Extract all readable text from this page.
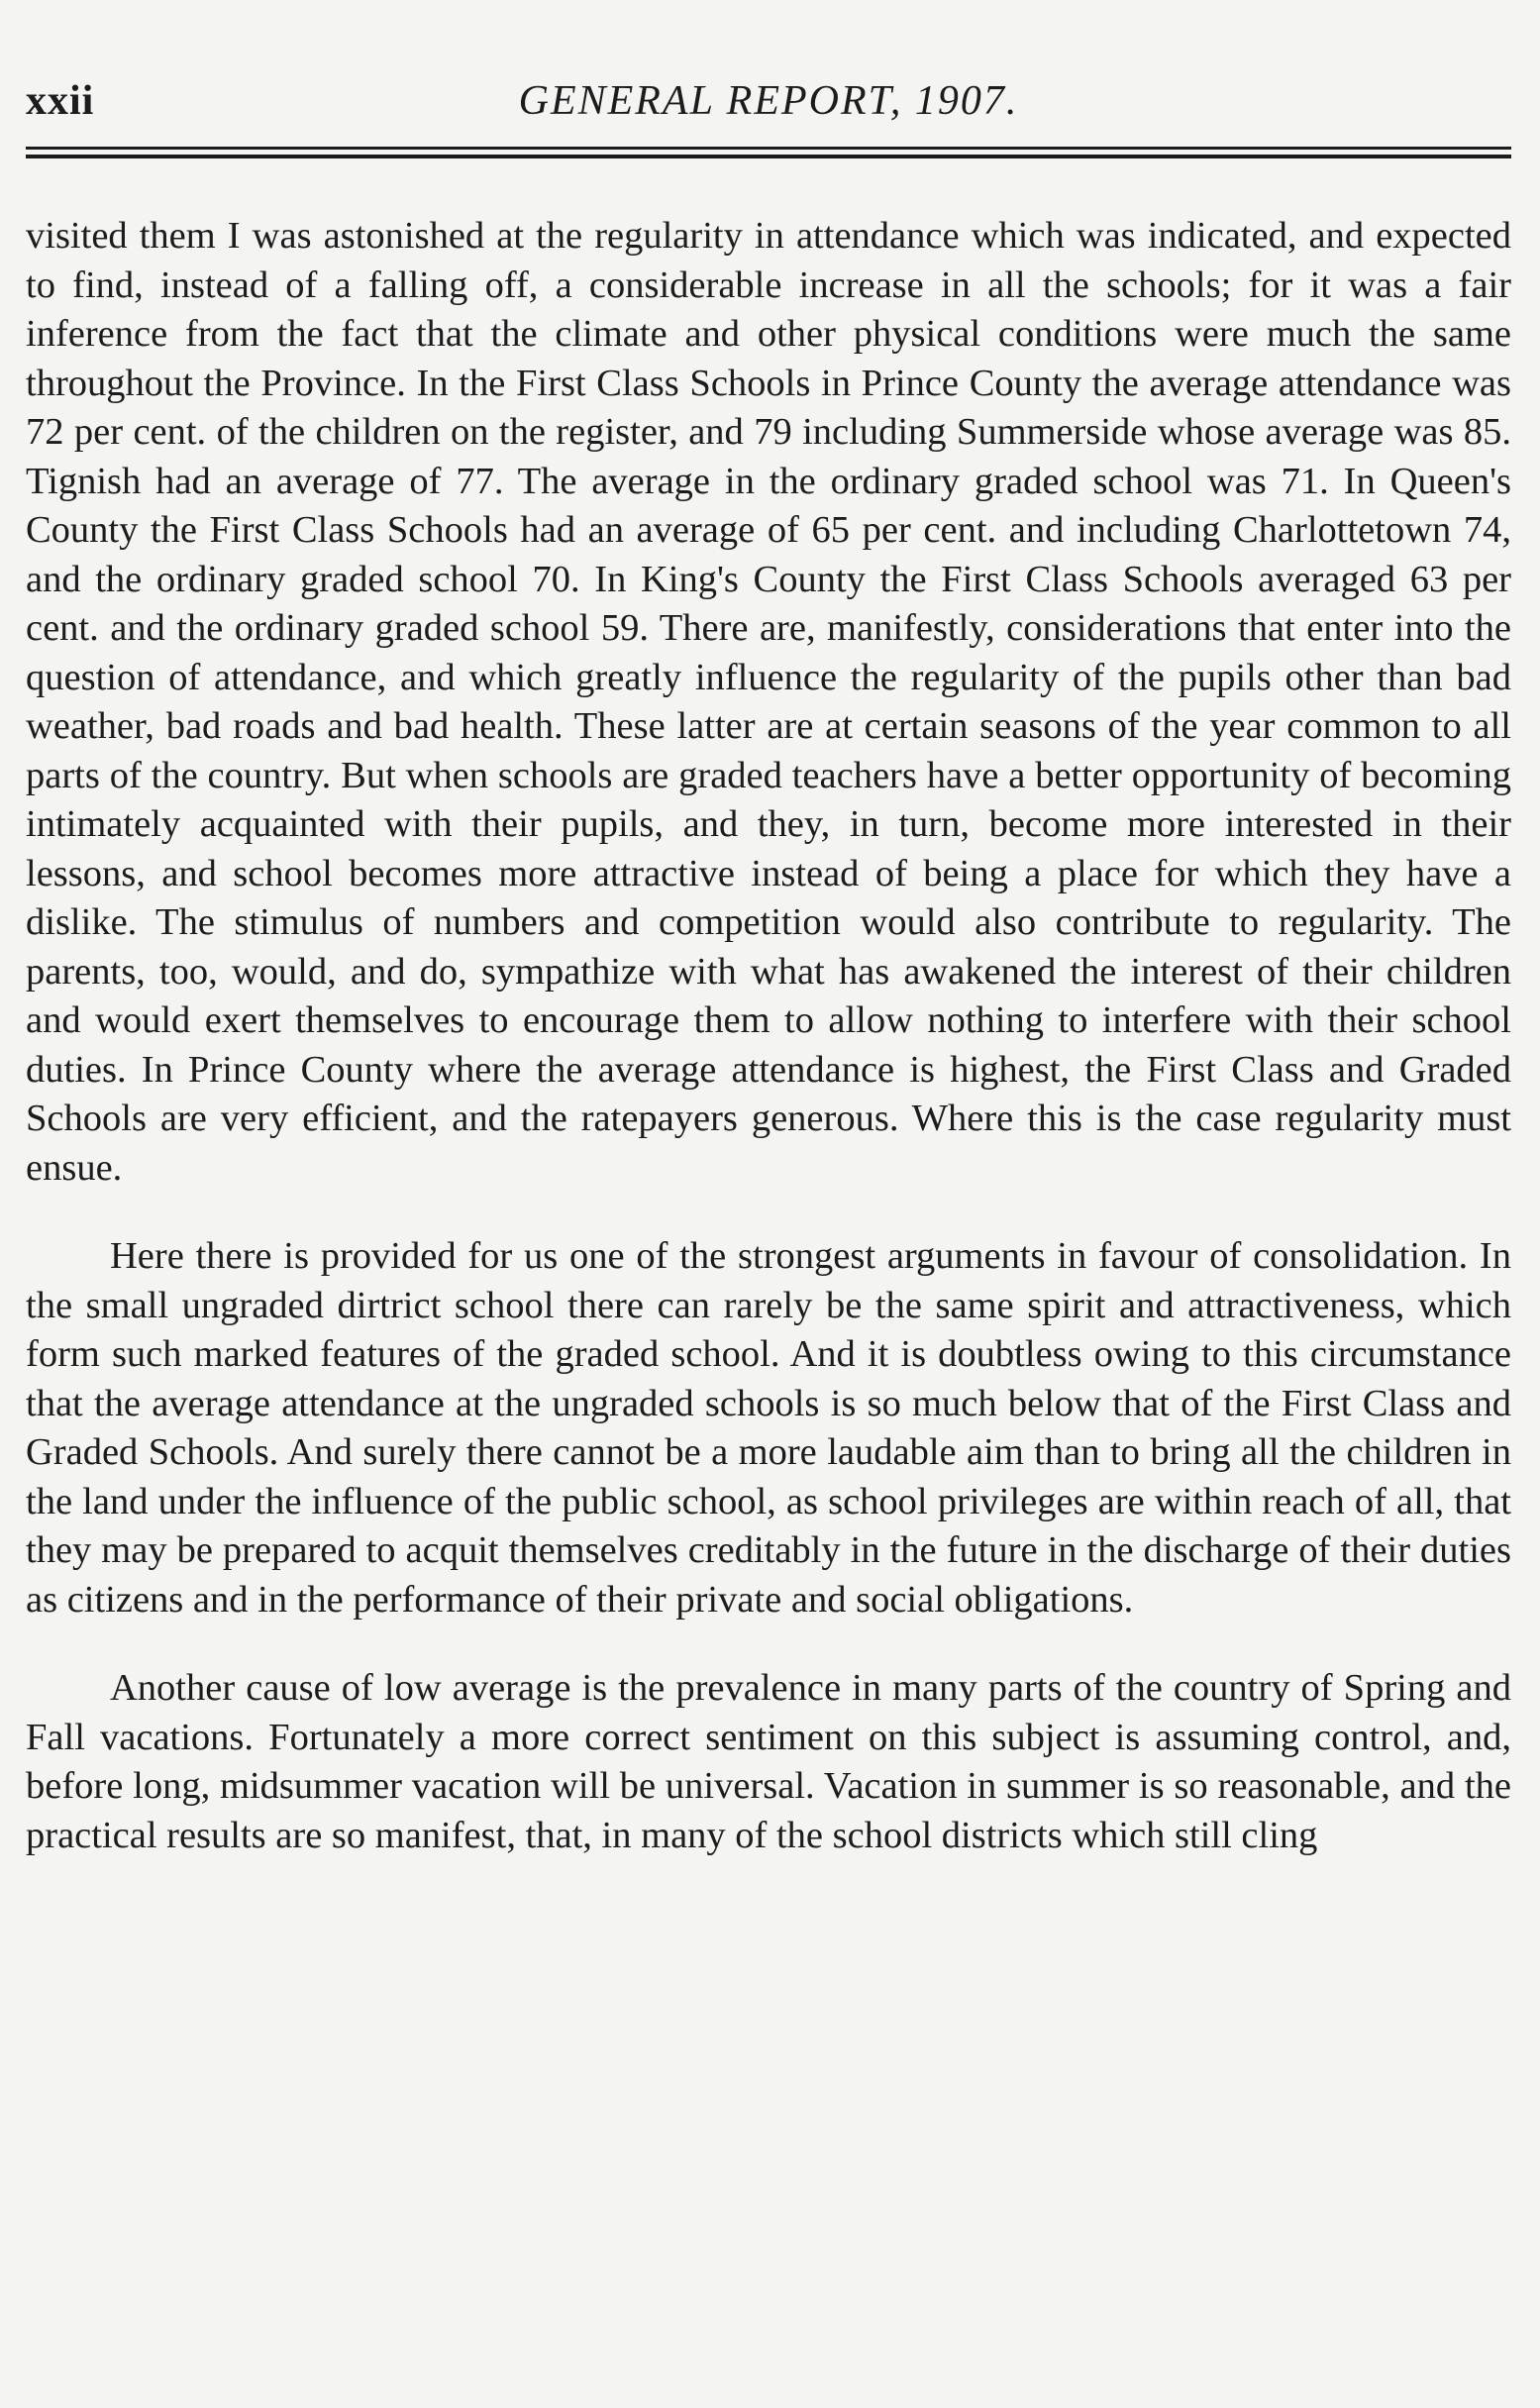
xxii	GENERAL REPORT, 1907.

visited them I was astonished at the regularity in attendance which was indicated, and expected to find, instead of a falling off, a considerable increase in all the schools; for it was a fair inference from the fact that the climate and other physical conditions were much the same throughout the Province. In the First Class Schools in Prince County the average attendance was 72 per cent. of the children on the register, and 79 including Summerside whose average was 85. Tignish had an average of 77. The average in the ordinary graded school was 71. In Queen's County the First Class Schools had an average of 65 per cent. and including Charlottetown 74, and the ordinary graded school 70. In King's County the First Class Schools averaged 63 per cent. and the ordinary graded school 59. There are, manifestly, considerations that enter into the question of attendance, and which greatly influence the regularity of the pupils other than bad weather, bad roads and bad health. These latter are at certain seasons of the year common to all parts of the country. But when schools are graded teachers have a better opportunity of becoming intimately acquainted with their pupils, and they, in turn, become more interested in their lessons, and school becomes more attractive instead of being a place for which they have a dislike. The stimulus of numbers and competition would also contribute to regularity. The parents, too, would, and do, sympathize with what has awakened the interest of their children and would exert themselves to encourage them to allow nothing to interfere with their school duties. In Prince County where the average attendance is highest, the First Class and Graded Schools are very efficient, and the ratepayers generous. Where this is the case regularity must ensue.

Here there is provided for us one of the strongest arguments in favour of consolidation. In the small ungraded dirtrict school there can rarely be the same spirit and attractiveness, which form such marked features of the graded school. And it is doubtless owing to this circumstance that the average attendance at the ungraded schools is so much below that of the First Class and Graded Schools. And surely there cannot be a more laudable aim than to bring all the children in the land under the influence of the public school, as school privileges are within reach of all, that they may be prepared to acquit themselves creditably in the future in the discharge of their duties as citizens and in the performance of their private and social obligations.

Another cause of low average is the prevalence in many parts of the country of Spring and Fall vacations. Fortunately a more correct sentiment on this subject is assuming control, and, before long, midsummer vacation will be universal. Vacation in summer is so reasonable, and the practical results are so manifest, that, in many of the school districts which still cling
